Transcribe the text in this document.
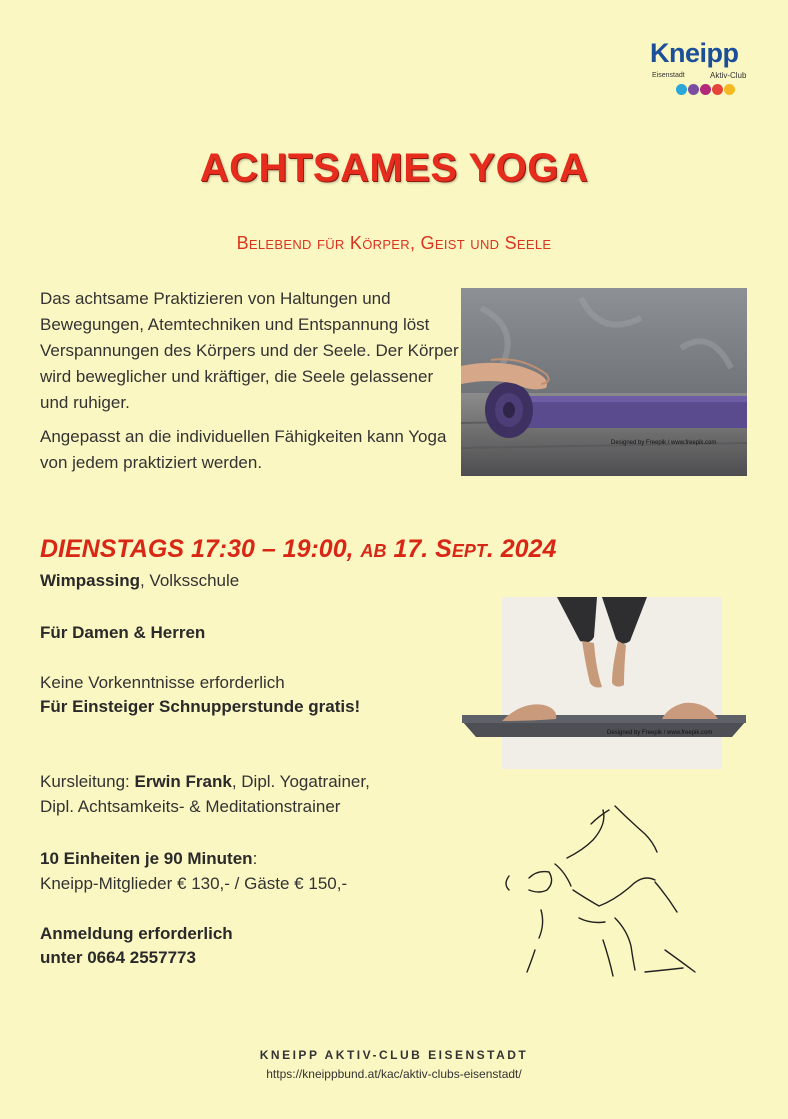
Kneipp
Eisenstadt	Aktiv-Club
ACHTSAMES YOGA
Belebend für Körper, Geist und Seele

Das achtsame Praktizieren von Haltungen und Bewegungen, Atemtechniken und Entspannung löst Verspannungen des Körpers und der Seele. Der Körper wird beweglicher und kräftiger, die Seele gelassener und ruhiger.

Angepasst an die individuellen Fähigkeiten kann Yoga von jedem praktiziert werden.

Designed by Freepik / www.freepik.com
DIENSTAGS 17:30 – 19:00, ab 17. Sept. 2024
Wimpassing, Volksschule
Für Damen & Herren
Keine Vorkenntnisse erforderlich
Für Einsteiger Schnupperstunde gratis!
Designed by Freepik / www.freepik.com
Kursleitung: Erwin Frank, Dipl. Yogatrainer,
Dipl. Achtsamkeits- & Meditationstrainer
10 Einheiten je 90 Minuten:
Kneipp-Mitglieder € 130,- / Gäste € 150,-
Anmeldung erforderlich
unter 0664 2557773
KNEIPP AKTIV-CLUB EISENSTADT
https://kneippbund.at/kac/aktiv-clubs-eisenstadt/
